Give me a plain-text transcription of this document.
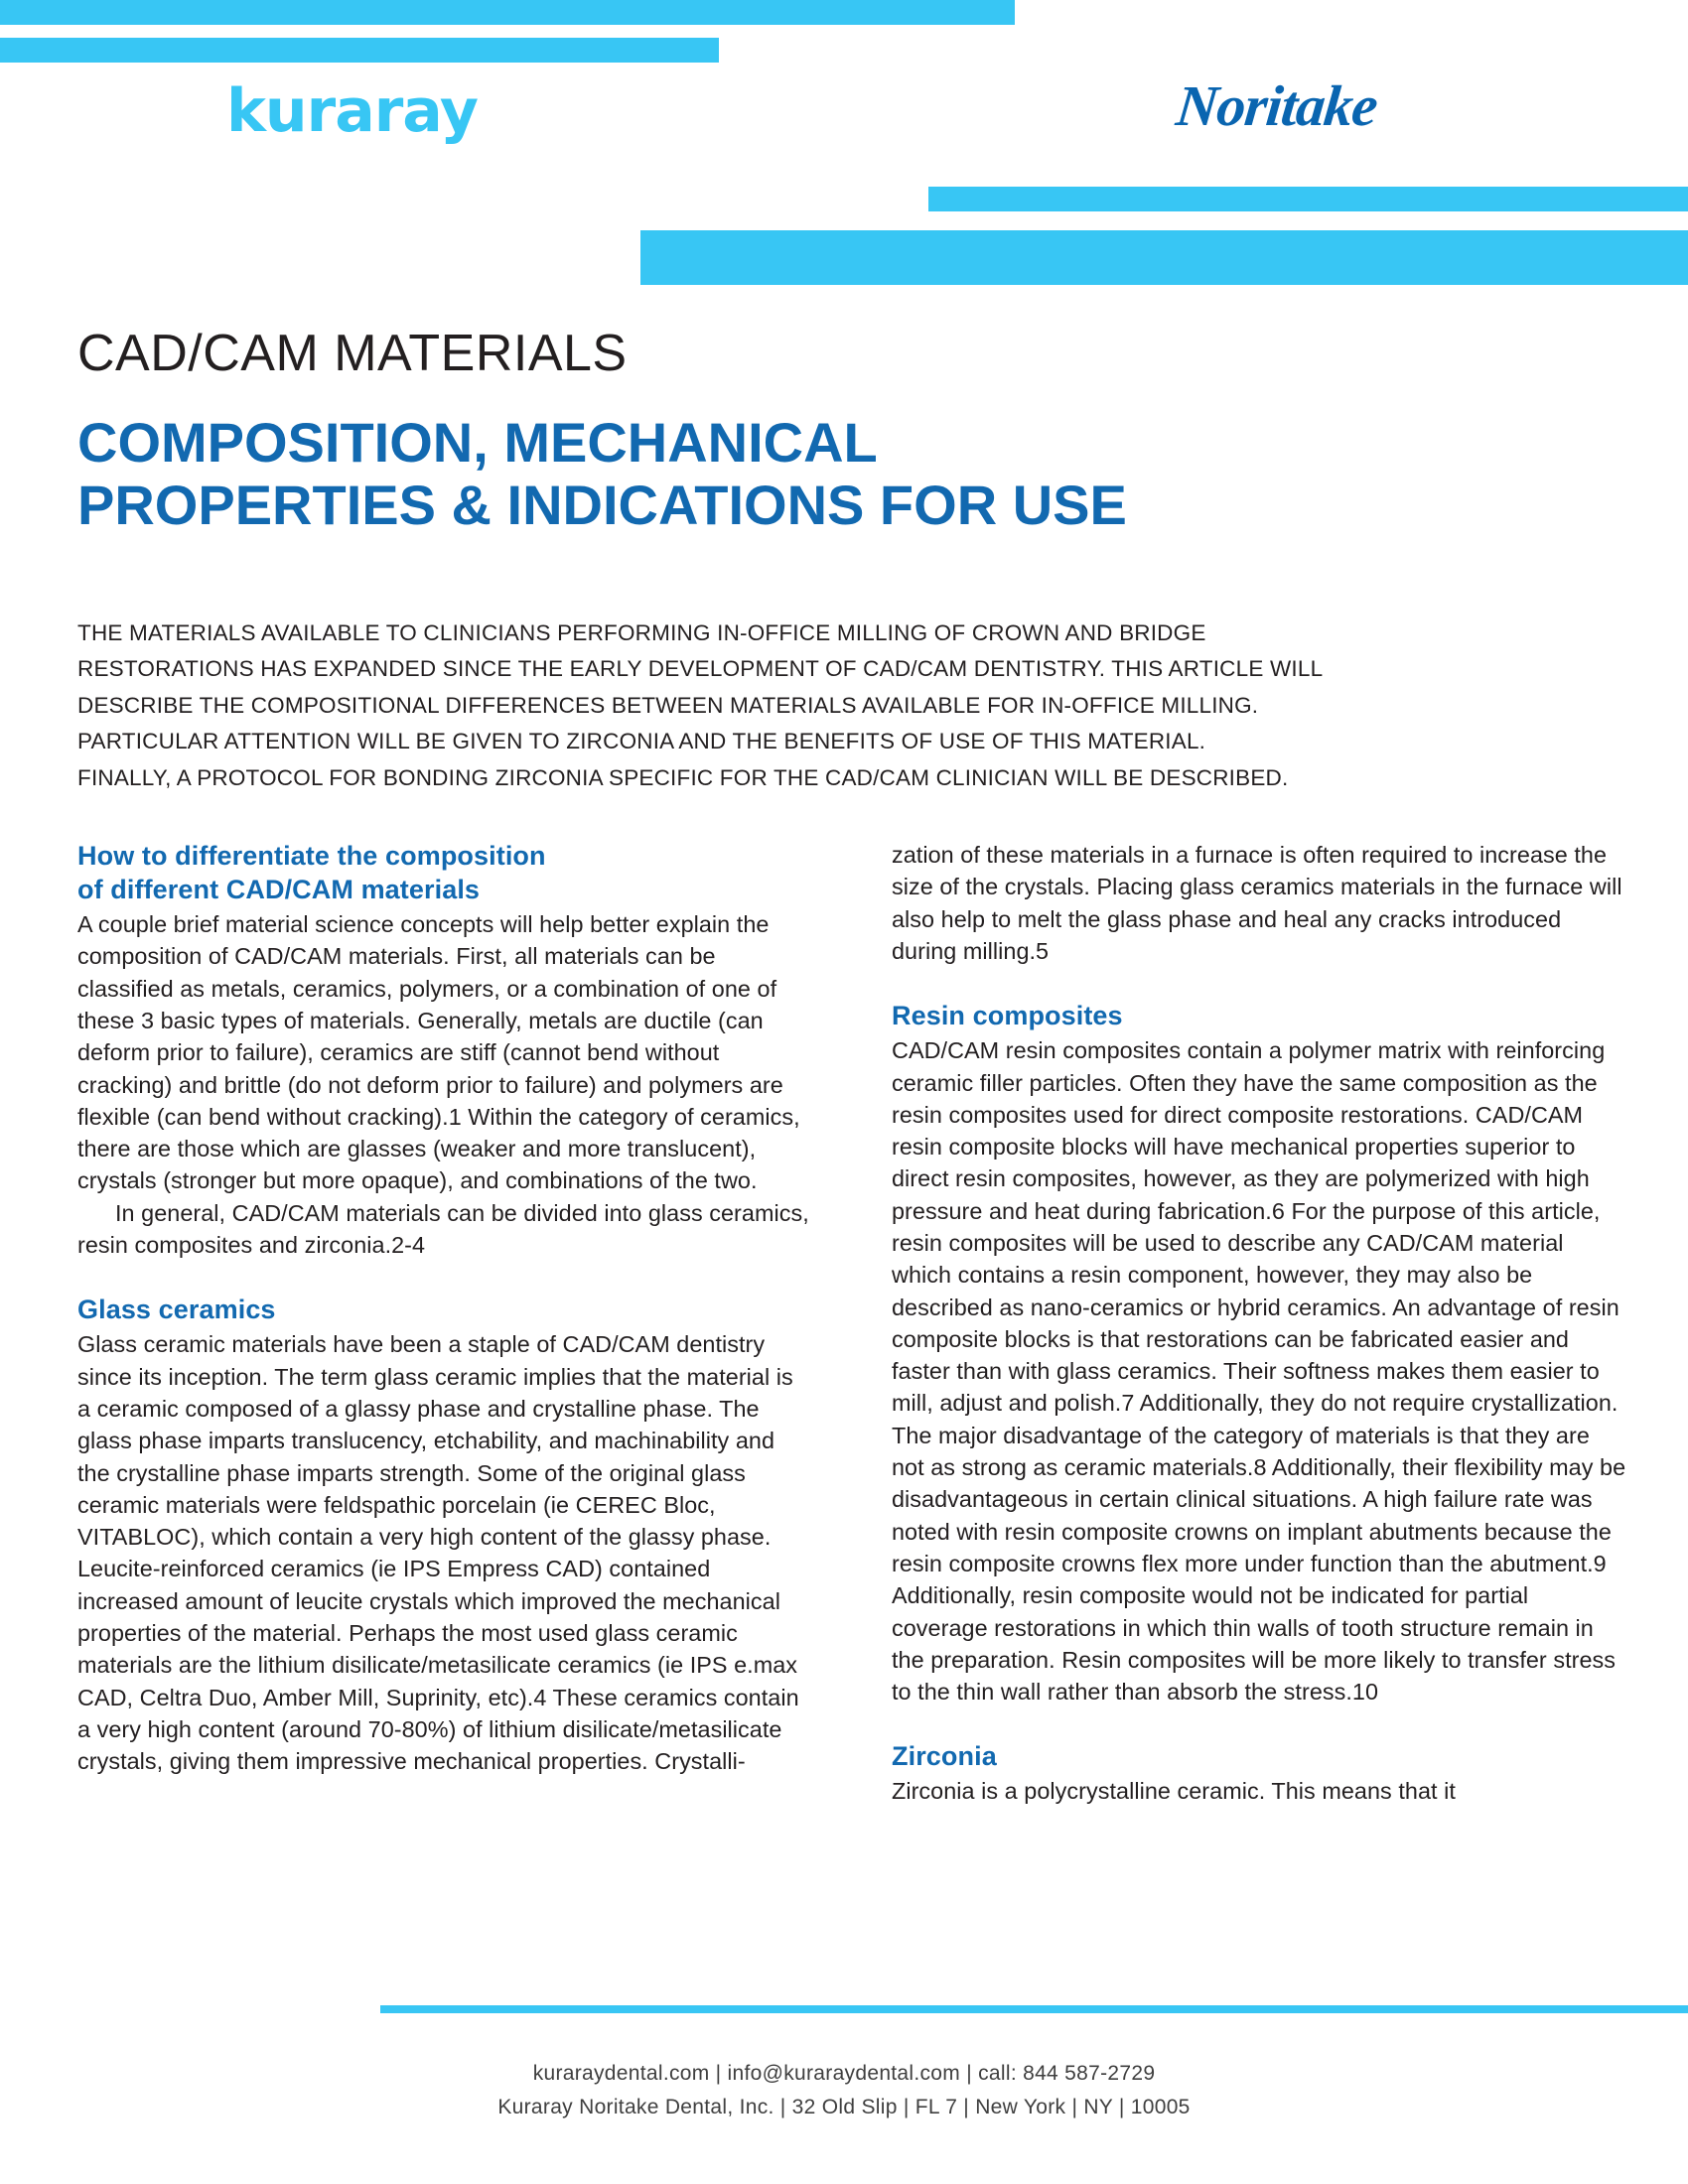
kuraray	Noritake
CAD/CAM MATERIALS
COMPOSITION, MECHANICAL
PROPERTIES & INDICATIONS FOR USE
THE MATERIALS AVAILABLE TO CLINICIANS PERFORMING IN-OFFICE MILLING OF CROWN AND BRIDGE
RESTORATIONS HAS EXPANDED SINCE THE EARLY DEVELOPMENT OF CAD/CAM DENTISTRY. THIS ARTICLE WILL
DESCRIBE THE COMPOSITIONAL DIFFERENCES BETWEEN MATERIALS AVAILABLE FOR IN-OFFICE MILLING.
PARTICULAR ATTENTION WILL BE GIVEN TO ZIRCONIA AND THE BENEFITS OF USE OF THIS MATERIAL.
FINALLY, A PROTOCOL FOR BONDING ZIRCONIA SPECIFIC FOR THE CAD/CAM CLINICIAN WILL BE DESCRIBED.
How to differentiate the composition
of different CAD/CAM materials

A couple brief material science concepts will help better explain the composition of CAD/CAM materials. First, all materials can be classified as metals, ceramics, polymers, or a combination of one of these 3 basic types of materials. Generally, metals are ductile (can deform prior to failure), ceramics are stiff (cannot bend without cracking) and brittle (do not deform prior to failure) and polymers are flexible (can bend without cracking).1 Within the category of ceramics, there are those which are glasses (weaker and more translucent), crystals (stronger but more opaque), and combinations of the two.

In general, CAD/CAM materials can be divided into glass ceramics, resin composites and zirconia.2-4

Glass ceramics

Glass ceramic materials have been a staple of CAD/CAM dentistry since its inception. The term glass ceramic implies that the material is a ceramic composed of a glassy phase and crystalline phase. The glass phase imparts translucency, etchability, and machinability and the crystalline phase imparts strength. Some of the original glass ceramic materials were feldspathic porcelain (ie CEREC Bloc, VITABLOC), which contain a very high content of the glassy phase. Leucite-reinforced ceramics (ie IPS Empress CAD) contained increased amount of leucite crystals which improved the mechanical properties of the material. Perhaps the most used glass ceramic materials are the lithium disilicate/metasilicate ceramics (ie IPS e.max CAD, Celtra Duo, Amber Mill, Suprinity, etc).4 These ceramics contain a very high content (around 70-80%) of lithium disilicate/metasilicate crystals, giving them impressive mechanical properties. Crystalli-

zation of these materials in a furnace is often required to increase the size of the crystals. Placing glass ceramics materials in the furnace will also help to melt the glass phase and heal any cracks introduced during milling.5

Resin composites

CAD/CAM resin composites contain a polymer matrix with reinforcing ceramic filler particles. Often they have the same composition as the resin composites used for direct composite restorations. CAD/CAM resin composite blocks will have mechanical properties superior to direct resin composites, however, as they are polymerized with high pressure and heat during fabrication.6 For the purpose of this article, resin composites will be used to describe any CAD/CAM material which contains a resin component, however, they may also be described as nano-ceramics or hybrid ceramics. An advantage of resin composite blocks is that restorations can be fabricated easier and faster than with glass ceramics. Their softness makes them easier to mill, adjust and polish.7 Additionally, they do not require crystallization. The major disadvantage of the category of materials is that they are not as strong as ceramic materials.8 Additionally, their flexibility may be disadvantageous in certain clinical situations. A high failure rate was noted with resin composite crowns on implant abutments because the resin composite crowns flex more under function than the abutment.9 Additionally, resin composite would not be indicated for partial coverage restorations in which thin walls of tooth structure remain in the preparation. Resin composites will be more likely to transfer stress to the thin wall rather than absorb the stress.10

Zirconia

Zirconia is a polycrystalline ceramic. This means that it

kuraraydental.com | info@kuraraydental.com | call: 844 587-2729
Kuraray Noritake Dental, Inc. | 32 Old Slip | FL 7 | New York | NY | 10005
